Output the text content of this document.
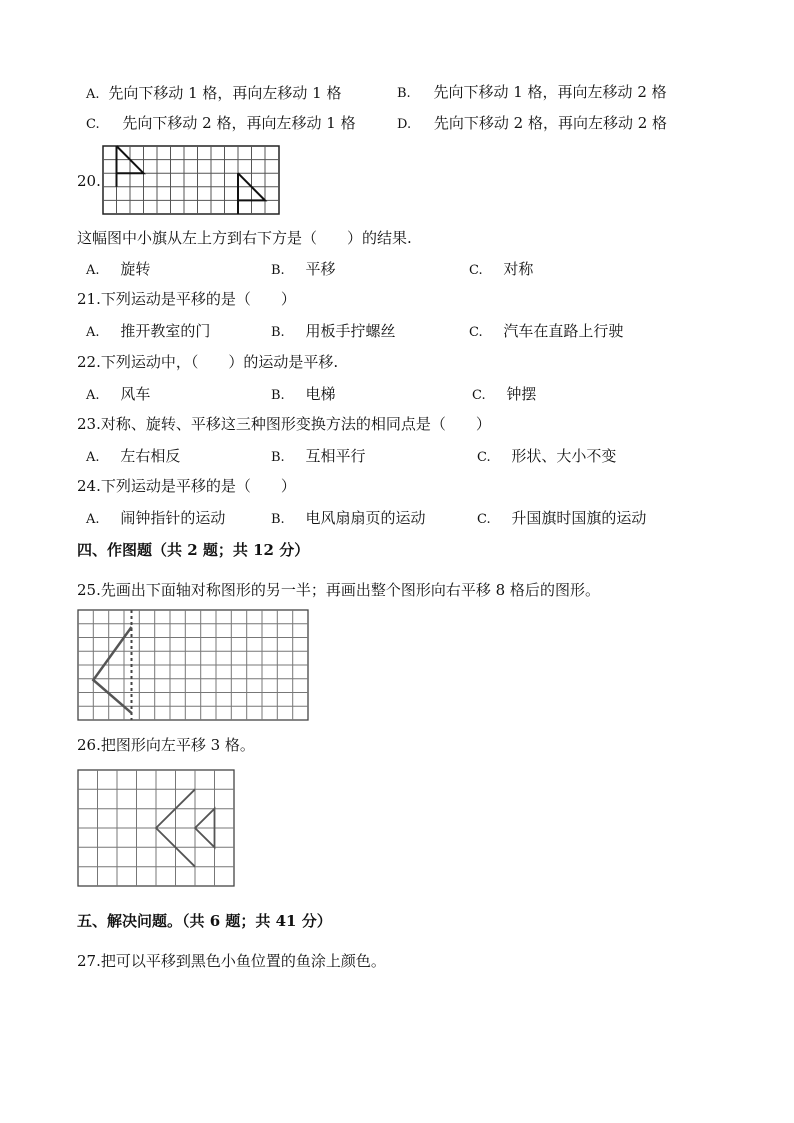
A. 先向下移动 1 格，再向左移动 1 格	B. 先向下移动 1 格，再向左移动 2 格
C. 先向下移动 2 格，再向左移动 1 格	D. 先向下移动 2 格，再向左移动 2 格
20.
这幅图中小旗从左上方到右下方是（　　）的结果.
A. 旋转	B. 平移	C. 对称
21.下列运动是平移的是（　　）
A. 推开教室的门	B. 用板手拧螺丝	C. 汽车在直路上行驶
22.下列运动中，（　　）的运动是平移.
A. 风车	B. 电梯	C. 钟摆
23.对称、旋转、平移这三种图形变换方法的相同点是（　　）
A. 左右相反	B. 互相平行	C. 形状、大小不变
24.下列运动是平移的是（　　）
A. 闹钟指针的运动	B. 电风扇扇页的运动	C. 升国旗时国旗的运动
四、作图题（共 2 题；共 12 分）
25.先画出下面轴对称图形的另一半；再画出整个图形向右平移 8 格后的图形。
26.把图形向左平移 3 格。
五、解决问题。（共 6 题；共 41 分）
27.把可以平移到黑色小鱼位置的鱼涂上颜色。
